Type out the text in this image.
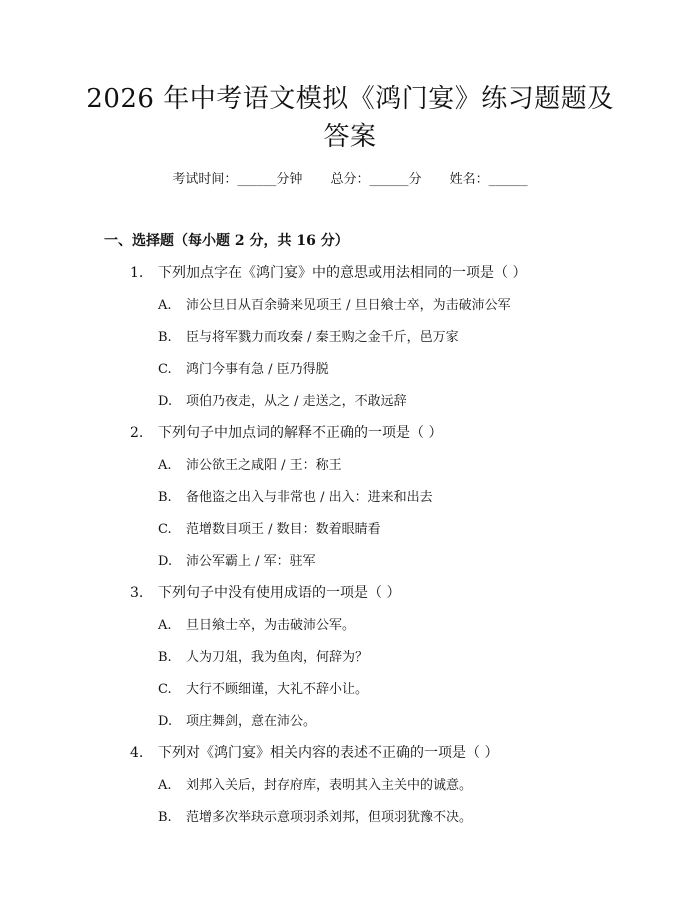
2026 年中考语文模拟《鸿门宴》练习题题及
答案
考试时间：______分钟 总分：______分 姓名：______
一、选择题（每小题 2 分，共 16 分）
1. 下列加点字在《鸿门宴》中的意思或用法相同的一项是（ ）
A. 沛公旦日从百余骑来见项王 / 旦日飨士卒，为击破沛公军
B. 臣与将军戮力而攻秦 / 秦王购之金千斤，邑万家
C. 鸿门今事有急 / 臣乃得脱
D. 项伯乃夜走，从之 / 走送之，不敢远辞
2. 下列句子中加点词的解释不正确的一项是（ ）
A. 沛公欲王之咸阳 / 王：称王
B. 备他盗之出入与非常也 / 出入：进来和出去
C. 范增数目项王 / 数目：数着眼睛看
D. 沛公军霸上 / 军：驻军
3. 下列句子中没有使用成语的一项是（ ）
A. 旦日飨士卒，为击破沛公军。
B. 人为刀俎，我为鱼肉，何辞为？
C. 大行不顾细谨，大礼不辞小让。
D. 项庄舞剑，意在沛公。
4. 下列对《鸿门宴》相关内容的表述不正确的一项是（ ）
A. 刘邦入关后，封存府库，表明其入主关中的诚意。
B. 范增多次举玦示意项羽杀刘邦，但项羽犹豫不决。
